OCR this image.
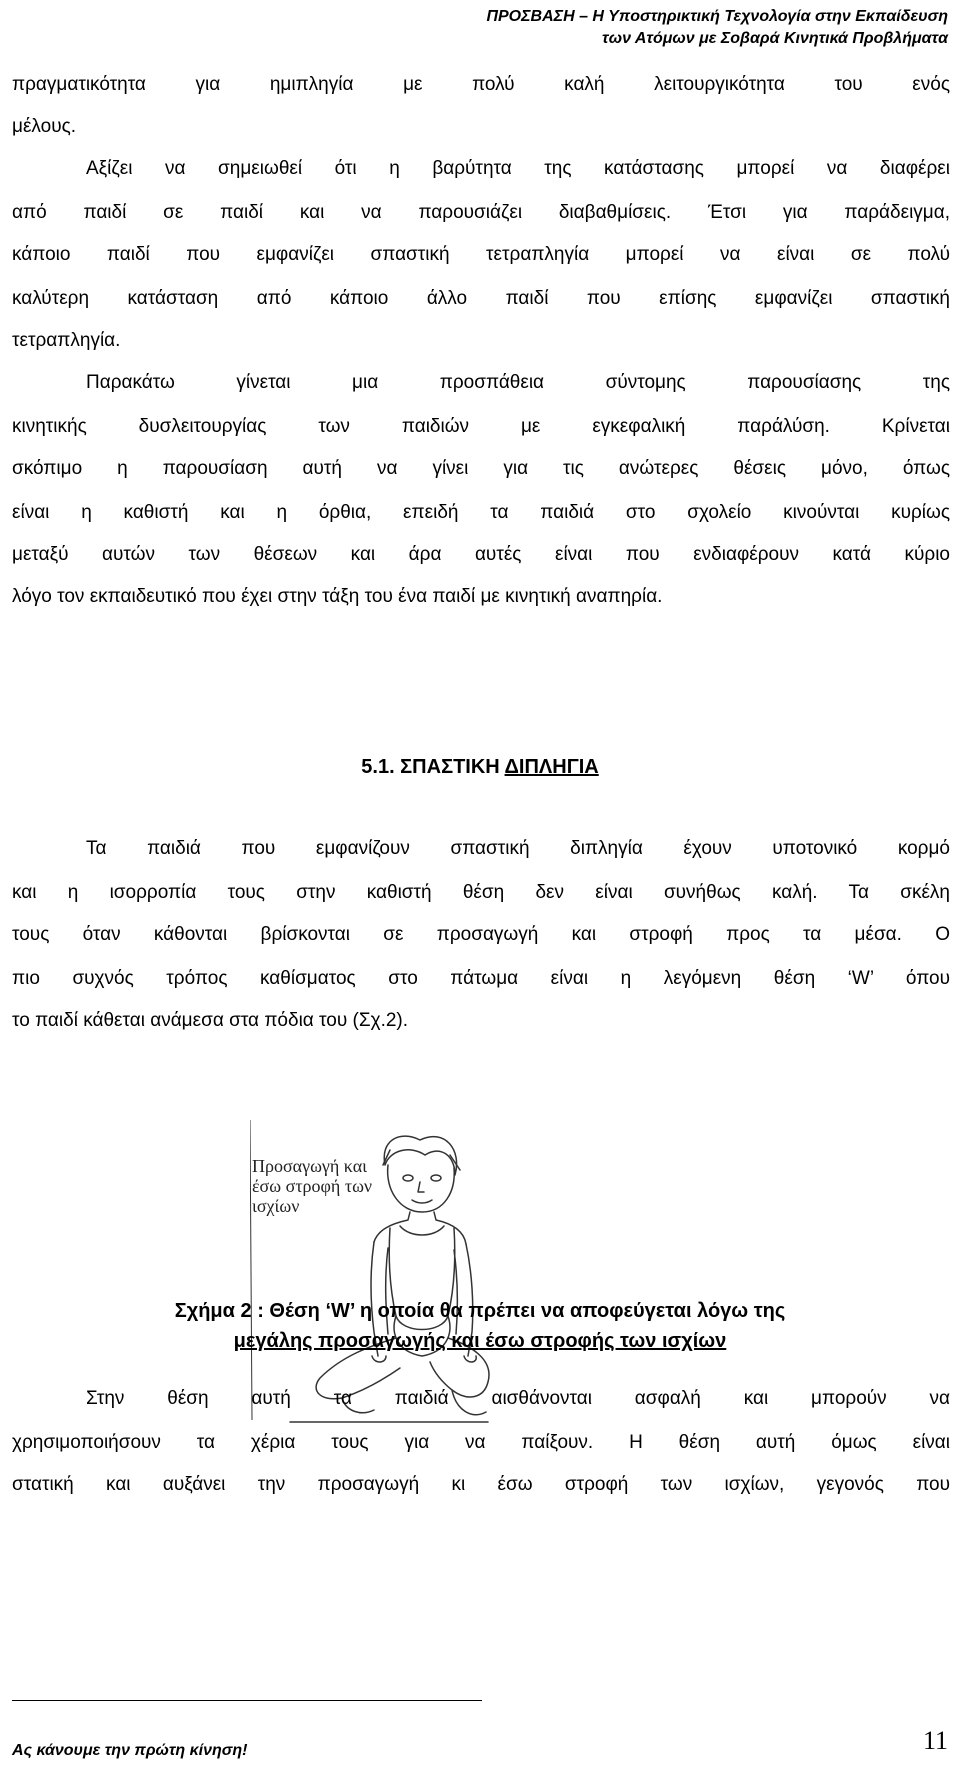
ΠΡΟΣΒΑΣΗ – Η Υποστηρικτική Τεχνολογία στην Εκπαίδευση
των Ατόμων με Σοβαρά Κινητικά Προβλήματα
πραγματικότητα για ημιπληγία με πολύ καλή λειτουργικότητα του ενός
μέλους.
Αξίζει να σημειωθεί ότι η βαρύτητα της κατάστασης μπορεί να διαφέρει
από παιδί σε παιδί και να παρουσιάζει διαβαθμίσεις. Έτσι για παράδειγμα,
κάποιο παιδί που εμφανίζει σπαστική τετραπληγία μπορεί να είναι σε πολύ
καλύτερη κατάσταση από κάποιο άλλο παιδί που επίσης εμφανίζει σπαστική
τετραπληγία.
Παρακάτω γίνεται μια προσπάθεια σύντομης παρουσίασης της
κινητικής δυσλειτουργίας των παιδιών με εγκεφαλική παράλύση. Κρίνεται
σκόπιμο η παρουσίαση αυτή να γίνει για τις ανώτερες θέσεις μόνο, όπως
είναι η καθιστή και η όρθια, επειδή τα παιδιά στο σχολείο κινούνται κυρίως
μεταξύ αυτών των θέσεων και άρα αυτές είναι που ενδιαφέρουν κατά κύριο
λόγο τον εκπαιδευτικό που έχει στην τάξη του ένα παιδί με κινητική αναπηρία.
5.1. ΣΠΑΣΤΙΚΗ ΔΙΠΛΗΓΙΑ
Τα παιδιά που εμφανίζουν σπαστική διπληγία έχουν υποτονικό κορμό
και η ισορροπία τους στην καθιστή θέση δεν είναι συνήθως καλή. Τα σκέλη
τους όταν κάθονται βρίσκονται σε προσαγωγή και στροφή προς τα μέσα. Ο
πιο συχνός τρόπος καθίσματος στο πάτωμα είναι η λεγόμενη θέση ‘W’ όπου
το παιδί κάθεται ανάμεσα στα πόδια του (Σχ.2).
Προσαγωγή και
έσω στροφή των
ισχίων
Σχήμα 2 : Θέση ‘W’ η οποία θα πρέπει να αποφεύγεται λόγω της
μεγάλης προσαγωγής και έσω στροφής των ισχίων
Στην θέση αυτή τα παιδιά αισθάνονται ασφαλή και μπορούν να
χρησιμοποιήσουν τα χέρια τους για να παίξουν. Η θέση αυτή όμως είναι
στατική και αυξάνει την προσαγωγή κι έσω στροφή των ισχίων, γεγονός που
Ας κάνουμε την πρώτη κίνηση!	11
